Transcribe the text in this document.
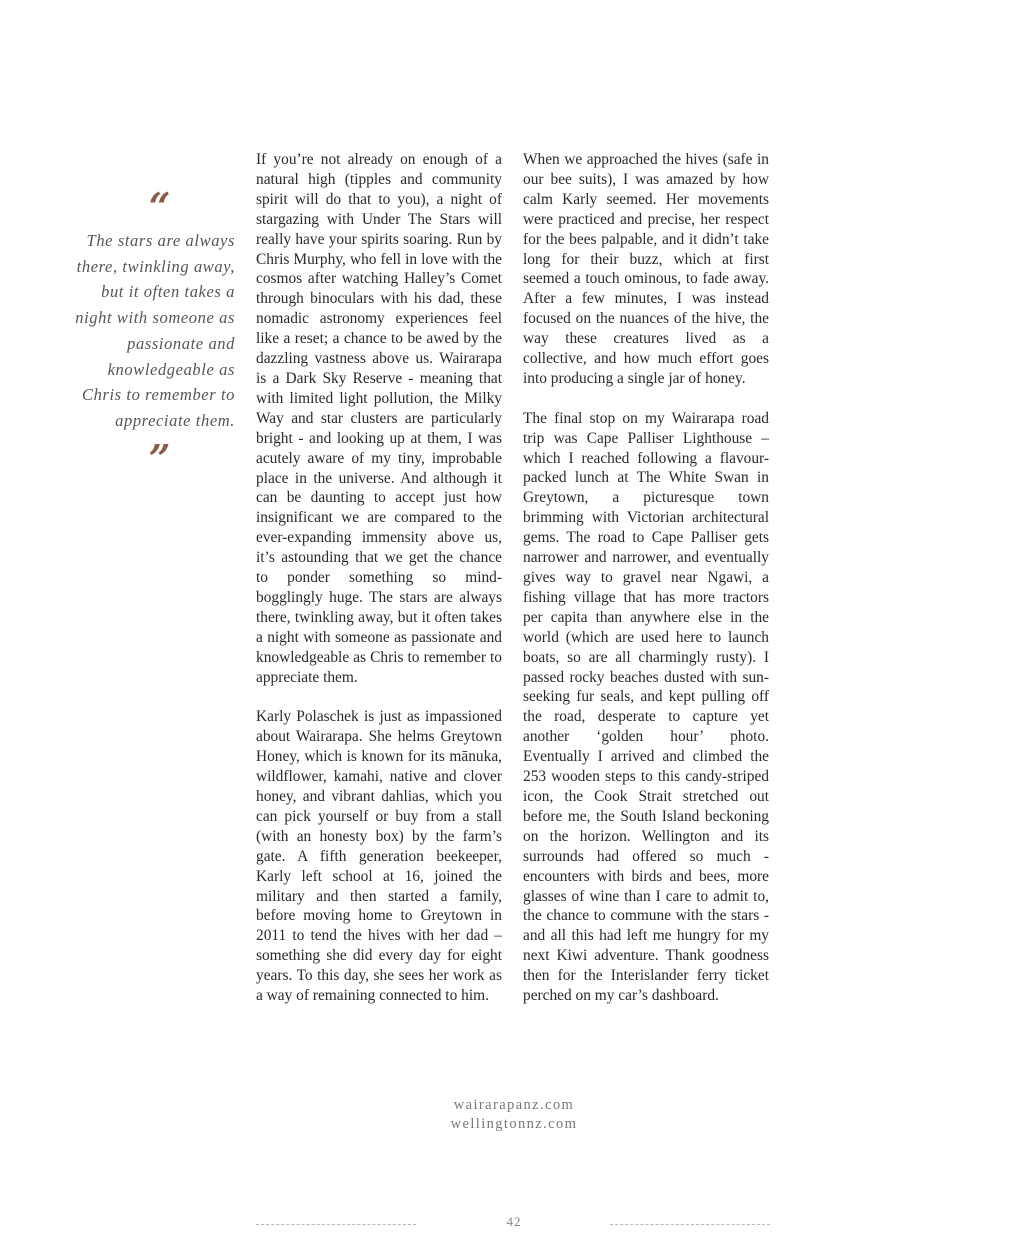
“

The stars are always there, twinkling away, but it often takes a night with someone as passionate and knowledgeable as Chris to remember to appreciate them.

”

If you’re not already on enough of a natural high (tipples and community spirit will do that to you), a night of stargazing with Under The Stars will really have your spirits soaring. Run by Chris Murphy, who fell in love with the cosmos after watching Halley’s Comet through binoculars with his dad, these nomadic astronomy experiences feel like a reset; a chance to be awed by the dazzling vastness above us. Wairarapa is a Dark Sky Reserve - meaning that with limited light pollution, the Milky Way and star clusters are particularly bright - and looking up at them, I was acutely aware of my tiny, improbable place in the universe. And although it can be daunting to accept just how insignificant we are compared to the ever-expanding immensity above us, it’s astounding that we get the chance to ponder something so mind-bogglingly huge. The stars are always there, twinkling away, but it often takes a night with someone as passionate and knowledgeable as Chris to remember to appreciate them.

Karly Polaschek is just as impassioned about Wairarapa. She helms Greytown Honey, which is known for its mānuka, wildflower, kamahi, native and clover honey, and vibrant dahlias, which you can pick yourself or buy from a stall (with an honesty box) by the farm’s gate. A fifth generation beekeeper, Karly left school at 16, joined the military and then started a family, before moving home to Greytown in 2011 to tend the hives with her dad – something she did every day for eight years. To this day, she sees her work as a way of remaining connected to him.

When we approached the hives (safe in our bee suits), I was amazed by how calm Karly seemed. Her movements were practiced and precise, her respect for the bees palpable, and it didn’t take long for their buzz, which at first seemed a touch ominous, to fade away. After a few minutes, I was instead focused on the nuances of the hive, the way these creatures lived as a collective, and how much effort goes into producing a single jar of honey.

The final stop on my Wairarapa road trip was Cape Palliser Lighthouse – which I reached following a flavour-packed lunch at The White Swan in Greytown, a picturesque town brimming with Victorian architectural gems. The road to Cape Palliser gets narrower and narrower, and eventually gives way to gravel near Ngawi, a fishing village that has more tractors per capita than anywhere else in the world (which are used here to launch boats, so are all charmingly rusty). I passed rocky beaches dusted with sun-seeking fur seals, and kept pulling off the road, desperate to capture yet another ‘golden hour’ photo. Eventually I arrived and climbed the 253 wooden steps to this candy-striped icon, the Cook Strait stretched out before me, the South Island beckoning on the horizon. Wellington and its surrounds had offered so much - encounters with birds and bees, more glasses of wine than I care to admit to, the chance to commune with the stars - and all this had left me hungry for my next Kiwi adventure. Thank goodness then for the Interislander ferry ticket perched on my car’s dashboard.

wairarapanz.com
wellingtonnz.com
42
